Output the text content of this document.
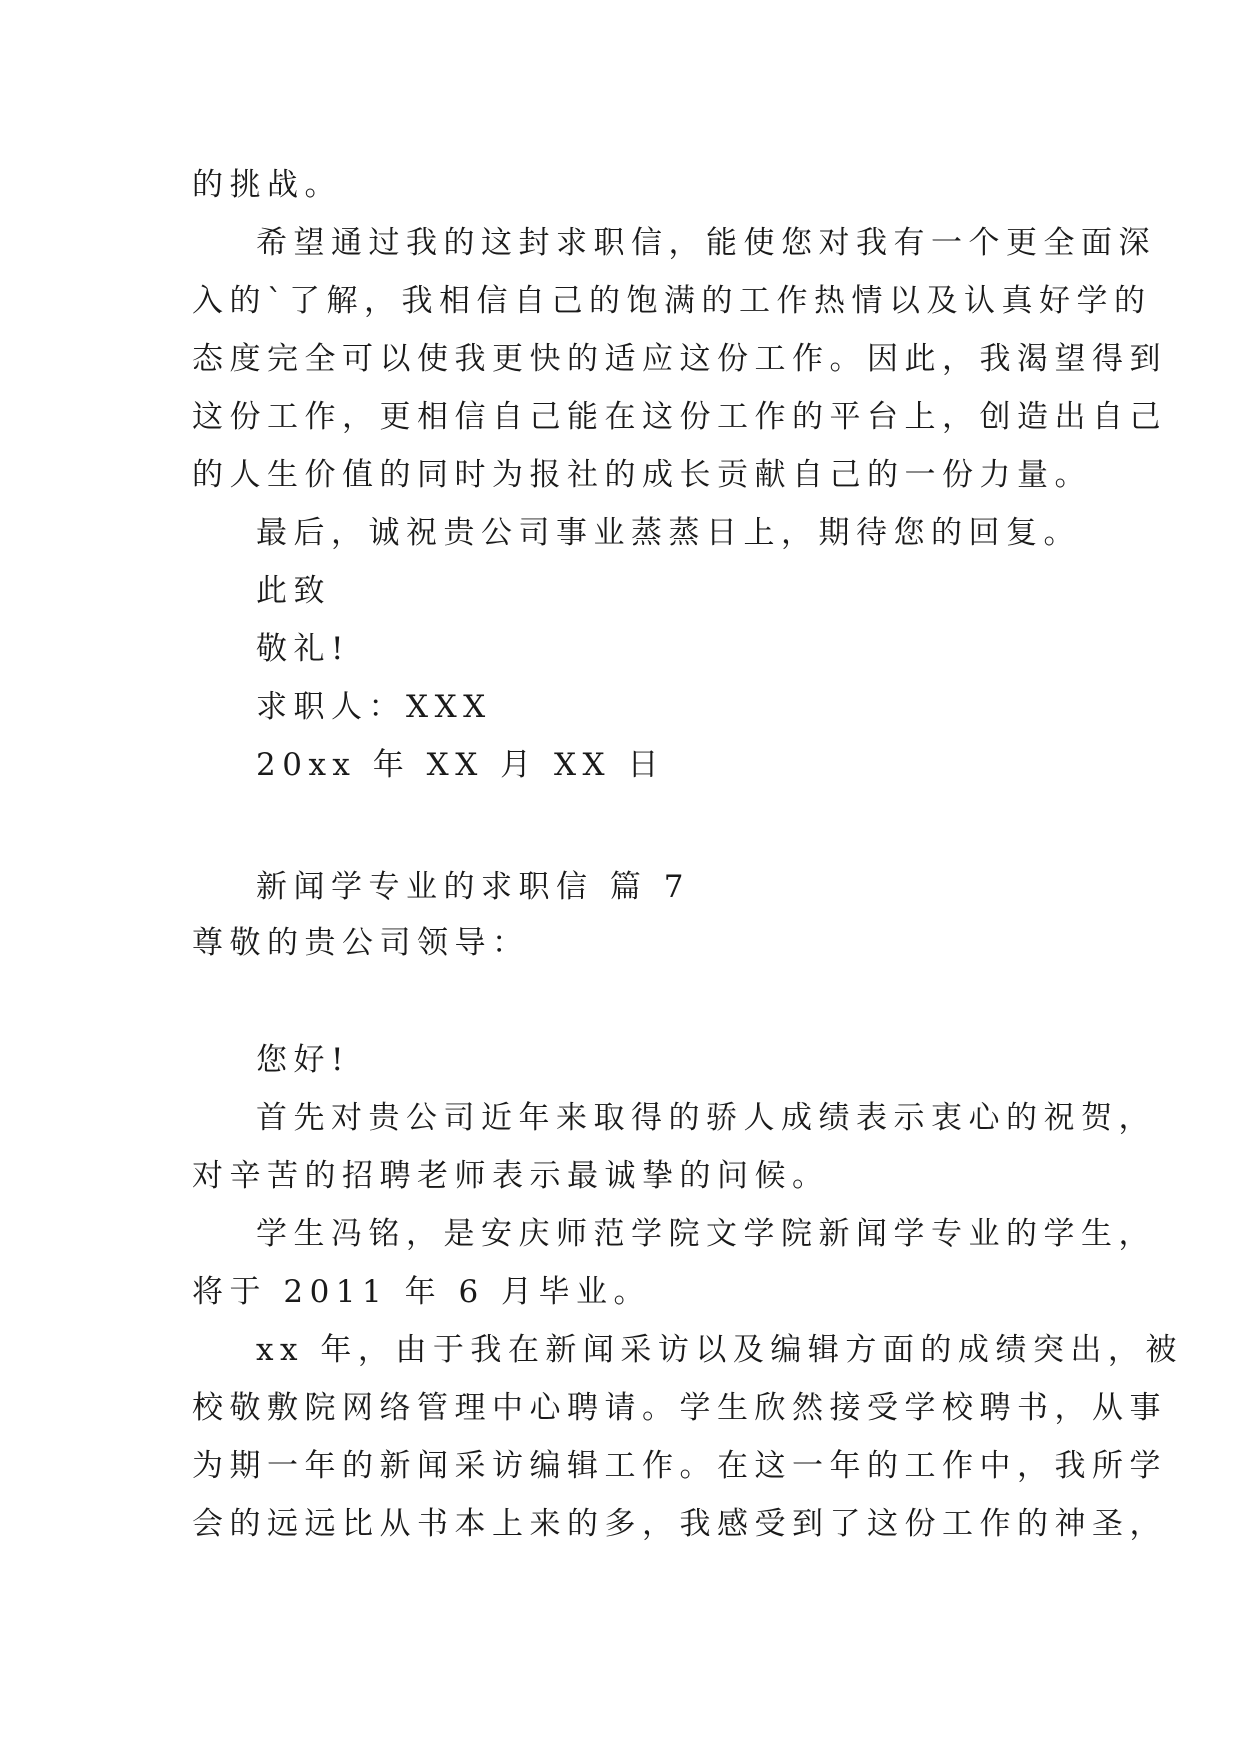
的挑战。
希望通过我的这封求职信，能使您对我有一个更全面深
入的`了解，我相信自己的饱满的工作热情以及认真好学的
态度完全可以使我更快的适应这份工作。因此，我渴望得到
这份工作，更相信自己能在这份工作的平台上，创造出自己
的人生价值的同时为报社的成长贡献自己的一份力量。
最后，诚祝贵公司事业蒸蒸日上，期待您的回复。
此致
敬礼!
求职人：XXX
20xx 年 XX 月 XX 日
新闻学专业的求职信 篇 7
尊敬的贵公司领导：
您好!
首先对贵公司近年来取得的骄人成绩表示衷心的祝贺，
对辛苦的招聘老师表示最诚挚的问候。
学生冯铭，是安庆师范学院文学院新闻学专业的学生，
将于 2011 年 6 月毕业。
xx 年，由于我在新闻采访以及编辑方面的成绩突出，被
校敬敷院网络管理中心聘请。学生欣然接受学校聘书，从事
为期一年的新闻采访编辑工作。在这一年的工作中，我所学
会的远远比从书本上来的多，我感受到了这份工作的神圣，
